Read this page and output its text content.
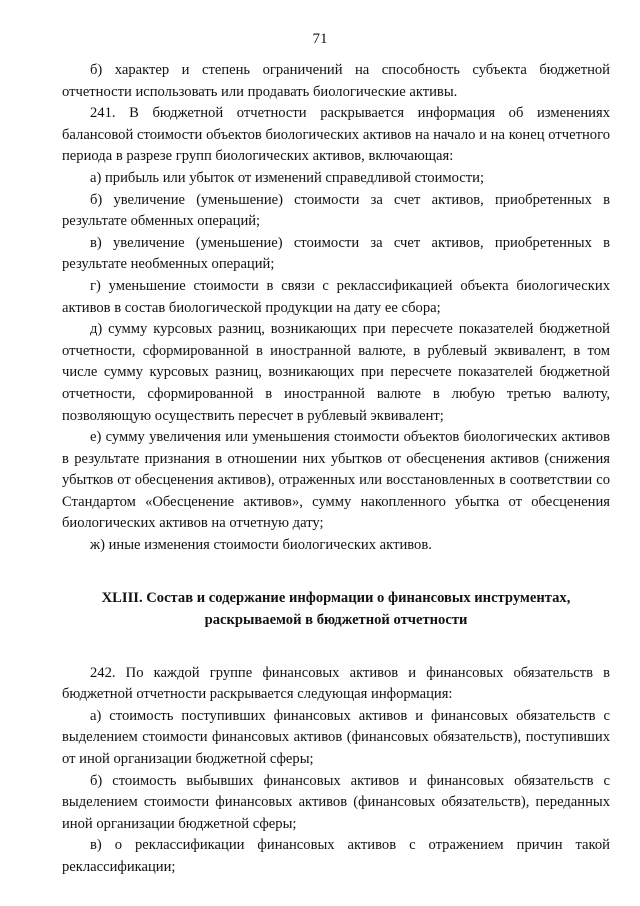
71

б) характер и степень ограничений на способность субъекта бюджетной отчетности использовать или продавать биологические активы.

241. В бюджетной отчетности раскрывается информация об изменениях балансовой стоимости объектов биологических активов на начало и на конец отчетного периода в разрезе групп биологических активов, включающая:

а) прибыль или убыток от изменений справедливой стоимости;

б) увеличение (уменьшение) стоимости за счет активов, приобретенных в результате обменных операций;

в) увеличение (уменьшение) стоимости за счет активов, приобретенных в результате необменных операций;

г) уменьшение стоимости в связи с реклассификацией объекта биологических активов в состав биологической продукции на дату ее сбора;

д) сумму курсовых разниц, возникающих при пересчете показателей бюджетной отчетности, сформированной в иностранной валюте, в рублевый эквивалент, в том числе сумму курсовых разниц, возникающих при пересчете показателей бюджетной отчетности, сформированной в иностранной валюте в любую третью валюту, позволяющую осуществить пересчет в рублевый эквивалент;

е) сумму увеличения или уменьшения стоимости объектов биологических активов в результате признания в отношении них убытков от обесценения активов (снижения убытков от обесценения активов), отраженных или восстановленных в соответствии со Стандартом «Обесценение активов», сумму накопленного убытка от обесценения биологических активов на отчетную дату;

ж) иные изменения стоимости биологических активов.

XLIII. Состав и содержание информации о финансовых инструментах,
раскрываемой в бюджетной отчетности

242. По каждой группе финансовых активов и финансовых обязательств в бюджетной отчетности раскрывается следующая информация:

а) стоимость поступивших финансовых активов и финансовых обязательств с выделением стоимости финансовых активов (финансовых обязательств), поступивших от иной организации бюджетной сферы;

б) стоимость выбывших финансовых активов и финансовых обязательств с выделением стоимости финансовых активов (финансовых обязательств), переданных иной организации бюджетной сферы;

в) о реклассификации финансовых активов с отражением причин такой реклассификации;
